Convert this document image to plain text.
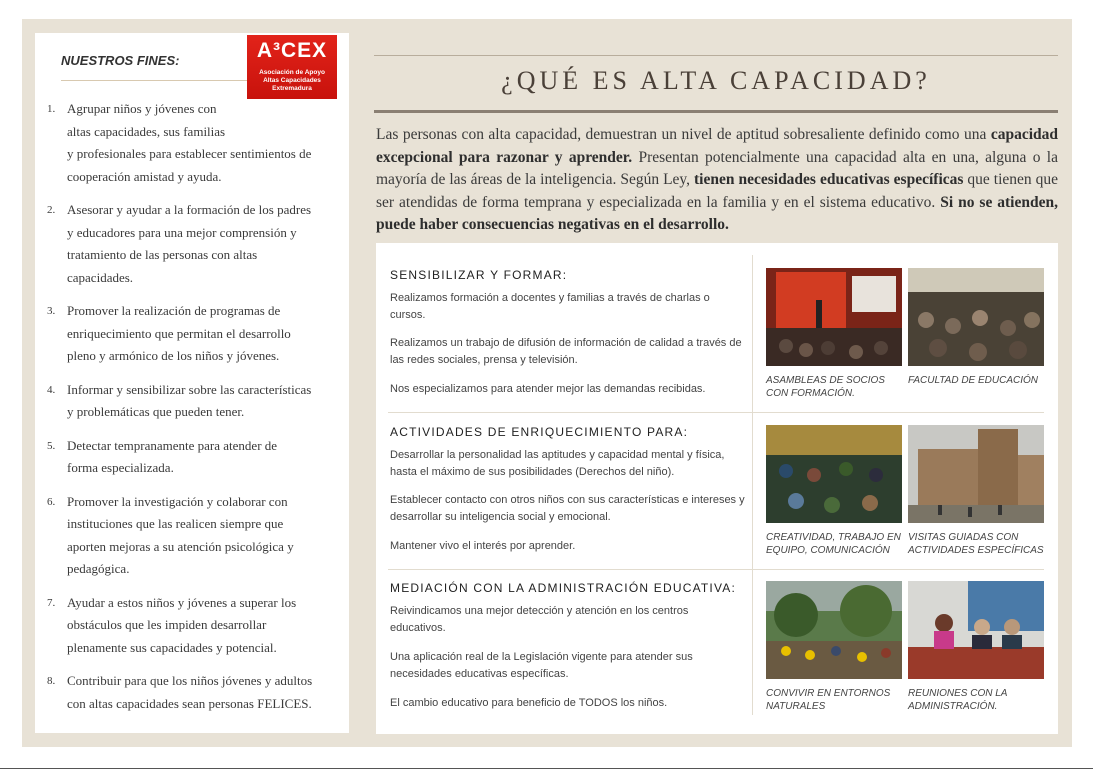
NUESTROS FINES:	A³CEX
Asociación de Apoyo
Altas Capacidades
Extremadura
1. Agrupar niños y jóvenes con
altas capacidades, sus familias
y profesionales para establecer sentimientos de
cooperación amistad y ayuda.
2. Asesorar y ayudar a la formación de los padres
y educadores para una mejor comprensión y
tratamiento de las personas con altas
capacidades.
3. Promover la realización de programas de
enriquecimiento que permitan el desarrollo
pleno y armónico de los niños y jóvenes.
4. Informar y sensibilizar sobre las características
y problemáticas que pueden tener.
5. Detectar tempranamente para atender de
forma especializada.
6. Promover la investigación y colaborar con
instituciones que las realicen siempre que
aporten mejoras a su atención psicológica y
pedagógica.
7. Ayudar a estos niños y jóvenes a superar los
obstáculos que les impiden desarrollar
plenamente sus capacidades y potencial.
8. Contribuir para que los niños jóvenes y adultos
con altas capacidades sean personas FELICES.
¿QUÉ ES ALTA CAPACIDAD?
Las personas con alta capacidad, demuestran un nivel de aptitud sobresaliente definido como una capacidad excepcional para razonar y aprender. Presentan potencialmente una capacidad alta en una, alguna o la mayoría de las áreas de la inteligencia. Según Ley, tienen necesidades educativas específicas que tienen que ser atendidas de forma temprana y especializada en la familia y en el sistema educativo. Si no se atienden, puede haber consecuencias negativas en el desarrollo.
SENSIBILIZAR Y FORMAR:
Realizamos formación a docentes y familias a través de charlas o cursos.
Realizamos un trabajo de difusión de información de calidad a través de las redes sociales, prensa y televisión.
Nos especializamos para atender mejor las demandas recibidas.
ASAMBLEAS DE SOCIOS
CON FORMACIÓN.
FACULTAD DE EDUCACIÓN
ACTIVIDADES DE ENRIQUECIMIENTO PARA:
Desarrollar la personalidad las aptitudes y capacidad mental y física, hasta el máximo de sus posibilidades (Derechos del niño).
Establecer contacto con otros niños con sus características e intereses y desarrollar su inteligencia social y emocional.
Mantener vivo el interés por aprender.
CREATIVIDAD, TRABAJO EN
EQUIPO, COMUNICACIÓN
VISITAS GUIADAS CON
ACTIVIDADES ESPECÍFICAS
MEDIACIÓN CON LA ADMINISTRACIÓN EDUCATIVA:
Reivindicamos una mejor detección y atención en los centros educativos.
Una aplicación real de la Legislación vigente para atender sus necesidades educativas específicas.
El cambio educativo para beneficio de TODOS los niños.
CONVIVIR EN ENTORNOS
NATURALES
REUNIONES CON LA
ADMINISTRACIÓN.
